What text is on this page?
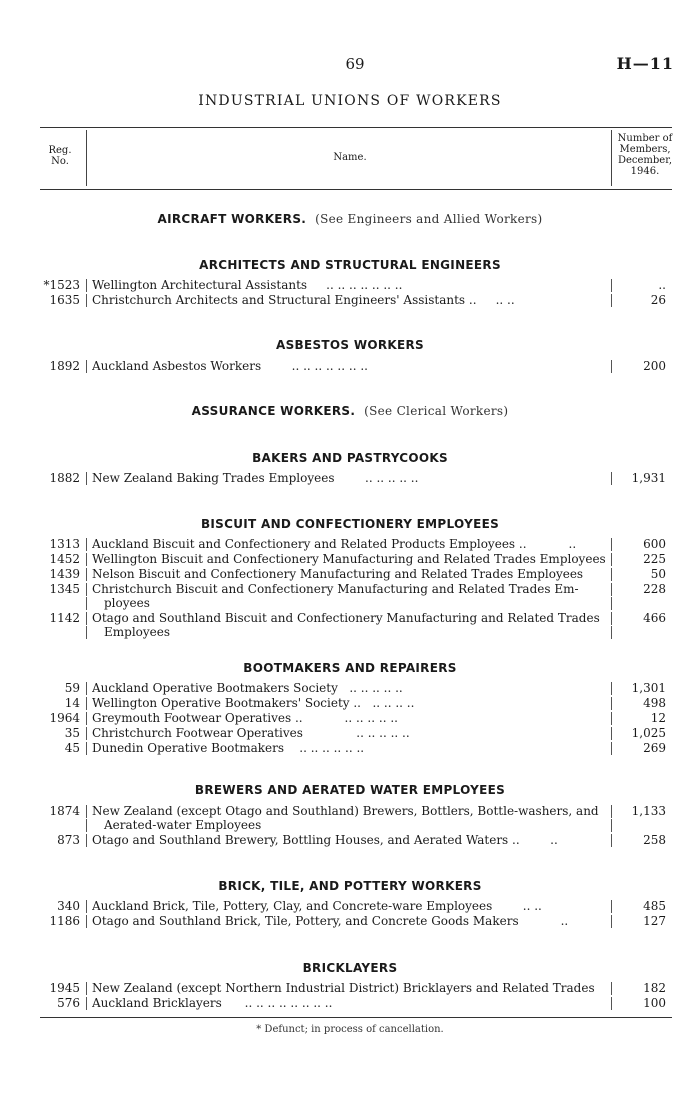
69	H—11
INDUSTRIAL UNIONS OF WORKERS
Reg.
No.	Name.
Number of
Members,
December,
1946.
AIRCRAFT WORKERS. (See Engineers and Allied Workers)
ARCHITECTS AND STRUCTURAL ENGINEERS
*1523 Wellington Architectural Assistants .. .. .. .. .. .. ..	..
1635 Christchurch Architects and Structural Engineers' Assistants .. .. ..	26
ASBESTOS WORKERS
1892 Auckland Asbestos Workers	.. .. .. .. .. .. ..	200
ASSURANCE WORKERS. (See Clerical Workers)
BAKERS AND PASTRYCOOKS
1882 New Zealand Baking Trades Employees	.. .. .. .. ..	1,931
BISCUIT AND CONFECTIONERY EMPLOYEES
1313 Auckland Biscuit and Confectionery and Related Products Employees ..	..	600
1452 Wellington Biscuit and Confectionery Manufacturing and Related Trades Employees	225
1439 Nelson Biscuit and Confectionery Manufacturing and Related Trades Employees	50
1345 Christchurch Biscuit and Confectionery Manufacturing and Related Trades Em-	228
ployees
1142 Otago and Southland Biscuit and Confectionery Manufacturing and Related Trades	466
Employees
BOOTMAKERS AND REPAIRERS
59 Auckland Operative Bootmakers Society .. .. .. .. ..	1,301
14 Wellington Operative Bootmakers' Society .. .. .. .. ..	498
1964 Greymouth Footwear Operatives ..	.. .. .. .. ..	12
35 Christchurch Footwear Operatives	.. .. .. .. ..	1,025
45 Dunedin Operative Bootmakers .. .. .. .. .. ..	269
BREWERS AND AERATED WATER EMPLOYEES
1874 New Zealand (except Otago and Southland) Brewers, Bottlers, Bottle-washers, and	1,133
Aerated-water Employees
873 Otago and Southland Brewery, Bottling Houses, and Aerated Waters ..	..	258
BRICK, TILE, AND POTTERY WORKERS
340 Auckland Brick, Tile, Pottery, Clay, and Concrete-ware Employees	.. ..	485
1186 Otago and Southland Brick, Tile, Pottery, and Concrete Goods Makers	..	127
BRICKLAYERS
1945 New Zealand (except Northern Industrial District) Bricklayers and Related Trades	182
576 Auckland Bricklayers .. .. .. .. .. .. .. ..	100
* Defunct; in process of cancellation.
